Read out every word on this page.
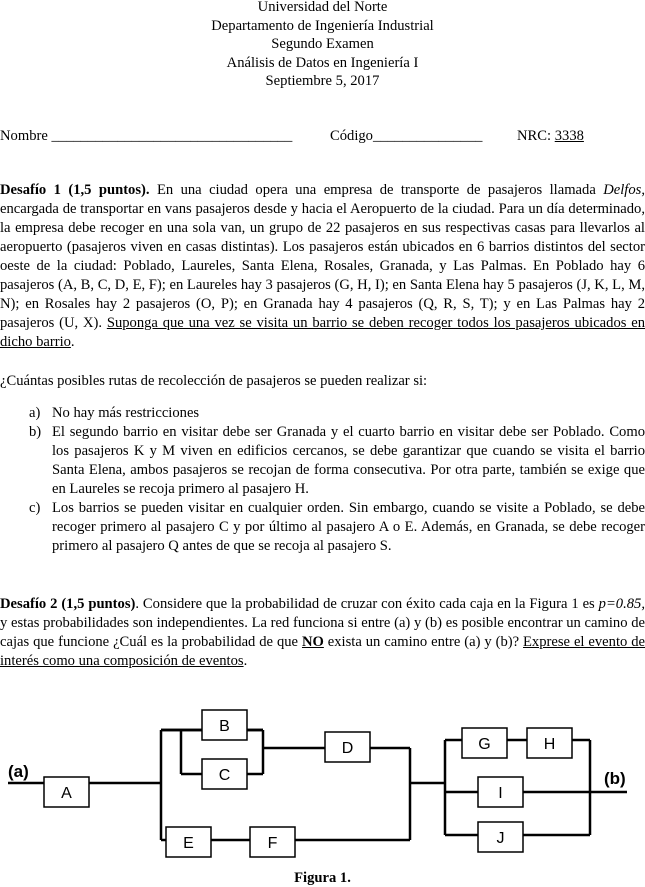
Universidad del Norte
Departamento de Ingeniería Industrial
Segundo Examen
Análisis de Datos en Ingeniería I
Septiembre 5, 2017
Nombre _________________________________	Código_______________ NRC: 3338

Desafío 1 (1,5 puntos). En una ciudad opera una empresa de transporte de pasajeros llamada Delfos, encargada de transportar en vans pasajeros desde y hacia el Aeropuerto de la ciudad. Para un día determinado, la empresa debe recoger en una sola van, un grupo de 22 pasajeros en sus respectivas casas para llevarlos al aeropuerto (pasajeros viven en casas distintas). Los pasajeros están ubicados en 6 barrios distintos del sector oeste de la ciudad: Poblado, Laureles, Santa Elena, Rosales, Granada, y Las Palmas. En Poblado hay 6 pasajeros (A, B, C, D, E, F); en Laureles hay 3 pasajeros (G, H, I); en Santa Elena hay 5 pasajeros (J, K, L, M, N); en Rosales hay 2 pasajeros (O, P); en Granada hay 4 pasajeros (Q, R, S, T); y en Las Palmas hay 2 pasajeros (U, X). Suponga que una vez se visita un barrio se deben recoger todos los pasajeros ubicados en dicho barrio.

¿Cuántas posibles rutas de recolección de pasajeros se pueden realizar si:
a) No hay más restricciones
b) El segundo barrio en visitar debe ser Granada y el cuarto barrio en visitar debe ser Poblado. Como los pasajeros K y M viven en edificios cercanos, se debe garantizar que cuando se visita el barrio Santa Elena, ambos pasajeros se recojan de forma consecutiva. Por otra parte, también se exige que en Laureles se recoja primero al pasajero H.
c) Los barrios se pueden visitar en cualquier orden. Sin embargo, cuando se visite a Poblado, se debe recoger primero al pasajero C y por último al pasajero A o E. Además, en Granada, se debe recoger primero al pasajero Q antes de que se recoja al pasajero S.

Desafío 2 (1,5 puntos). Considere que la probabilidad de cruzar con éxito cada caja en la Figura 1 es p=0.85, y estas probabilidades son independientes. La red funciona si entre (a) y (b) es posible encontrar un camino de cajas que funcione ¿Cuál es la probabilidad de que NO exista un camino entre (a) y (b)? Exprese el evento de interés como una composición de eventos.

A
B
C
D
E	F
G	H
I
J
(a)	(b)
Figura 1.
